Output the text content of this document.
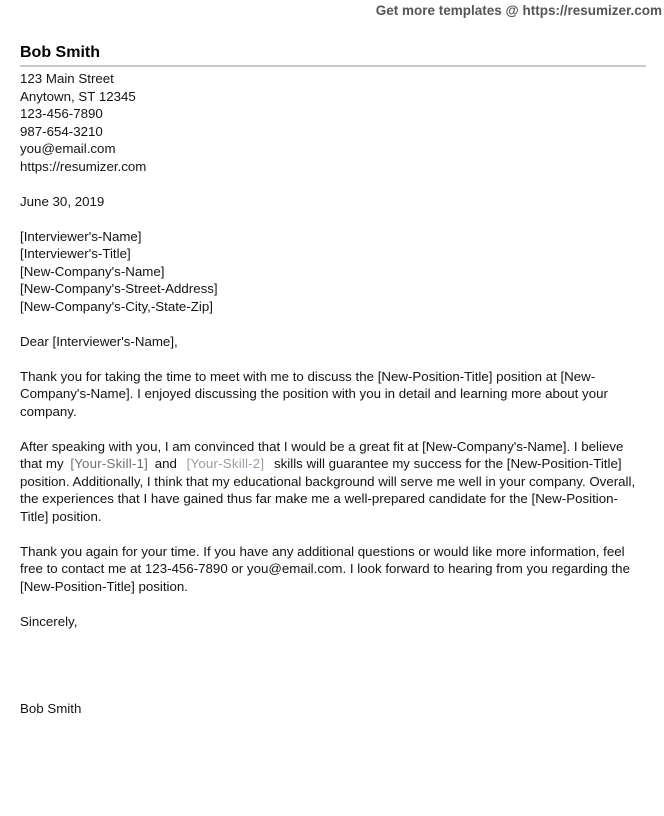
Get more templates @ https://resumizer.com
Bob Smith
123 Main Street
Anytown, ST 12345
123-456-7890
987-654-3210
you@email.com
https://resumizer.com
June 30, 2019
[Interviewer's-Name]
[Interviewer's-Title]
[New-Company's-Name]
[New-Company's-Street-Address]
[New-Company's-City,-State-Zip]

Dear [Interviewer's-Name],

Thank you for taking the time to meet with me to discuss the [New-Position-Title] position at [New-Company's-Name]. I enjoyed discussing the position with you in detail and learning more about your company.

After speaking with you, I am convinced that I would be a great fit at [New-Company's-Name]. I believe that my [Your-Skill-1] and [Your-Skill-2] skills will guarantee my success for the [New-Position-Title] position. Additionally, I think that my educational background will serve me well in your company. Overall, the experiences that I have gained thus far make me a well-prepared candidate for the [New-Position-Title] position.

Thank you again for your time. If you have any additional questions or would like more information, feel free to contact me at 123-456-7890 or you@email.com. I look forward to hearing from you regarding the [New-Position-Title] position.

Sincerely,

Bob Smith
